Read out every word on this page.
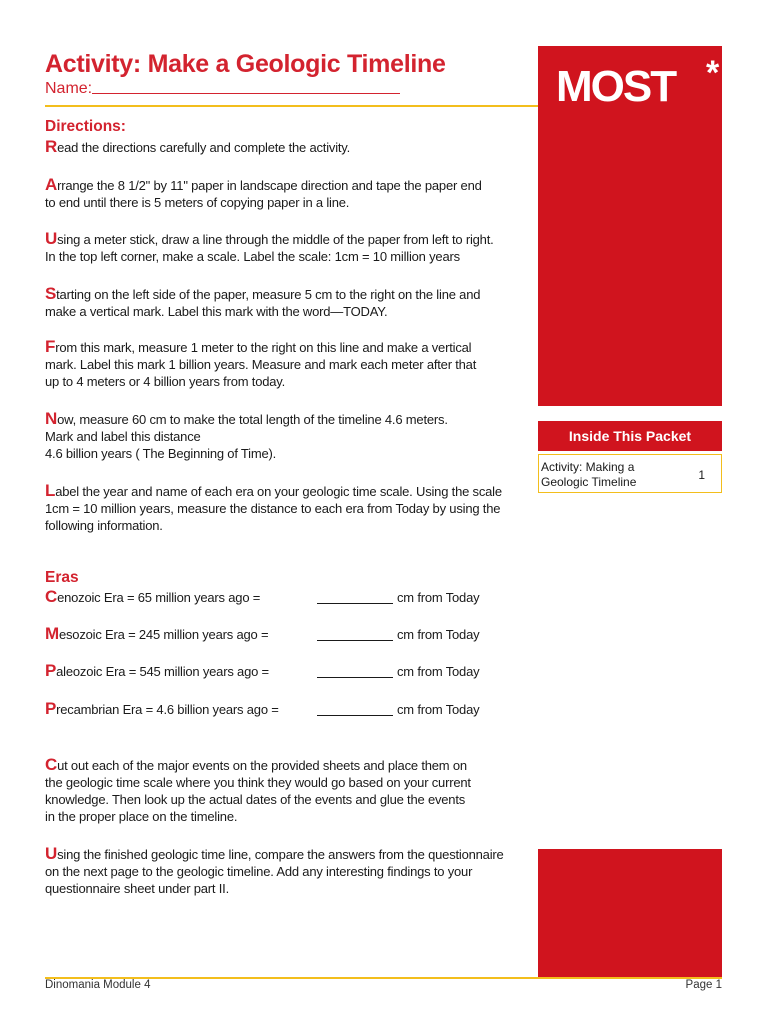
Activity: Make a Geologic Timeline
Name:	MOST *
Inside This Packet
Activity: Making a Geologic Timeline	1
Directions:
Read the directions carefully and complete the activity.
Arrange the 8 1/2" by 11" paper in landscape direction and tape the paper end
to end until there is 5 meters of copying paper in a line.
Using a meter stick, draw a line through the middle of the paper from left to right.
In the top left corner, make a scale. Label the scale: 1cm = 10 million years
Starting on the left side of the paper, measure 5 cm to the right on the line and
make a vertical mark. Label this mark with the word—TODAY.
From this mark, measure 1 meter to the right on this line and make a vertical
mark. Label this mark 1 billion years. Measure and mark each meter after that
up to 4 meters or 4 billion years from today.
Now, measure 60 cm to make the total length of the timeline 4.6 meters.
Mark and label this distance
4.6 billion years ( The Beginning of Time).
Label the year and name of each era on your geologic time scale. Using the scale
1cm = 10 million years, measure the distance to each era from Today by using the
following information.
Eras
Cenozoic Era = 65 million years ago =	cm from Today
Mesozoic Era = 245 million years ago =	cm from Today
Paleozoic Era = 545 million years ago =	cm from Today
Precambrian Era = 4.6 billion years ago =	cm from Today
Cut out each of the major events on the provided sheets and place them on
the geologic time scale where you think they would go based on your current
knowledge. Then look up the actual dates of the events and glue the events
in the proper place on the timeline.
Using the finished geologic time line, compare the answers from the questionnaire
on the next page to the geologic timeline. Add any interesting findings to your
questionnaire sheet under part II.
Dinomania Module 4	Page 1
